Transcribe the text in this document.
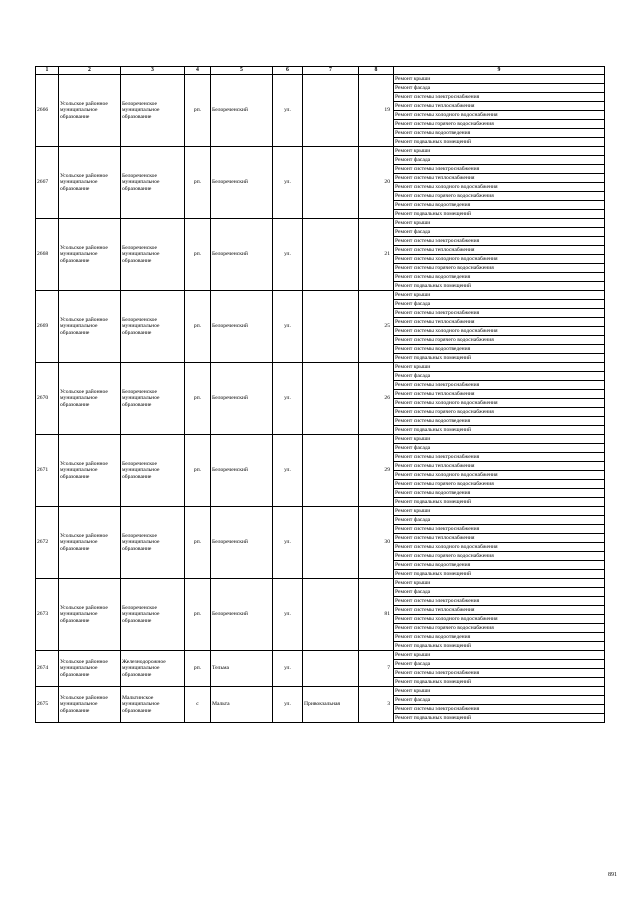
1	2	3	4	5	6	7	8	9
2666	Усольское районное муниципальное образование	Белореченское муниципальное образование	рп.	Белореченский	ул.		19	Ремонт крыши
								Ремонт фасада
								Ремонт системы электроснабжения
								Ремонт системы теплоснабжения
								Ремонт системы холодного водоснабжения
								Ремонт системы горячего водоснабжения
								Ремонт системы водоотведения
								Ремонт подвальных помещений
2667	Усольское районное муниципальное образование	Белореченское муниципальное образование	рп.	Белореченский	ул.		20	Ремонт крыши
								Ремонт фасада
								Ремонт системы электроснабжения
								Ремонт системы теплоснабжения
								Ремонт системы холодного водоснабжения
								Ремонт системы горячего водоснабжения
								Ремонт системы водоотведения
								Ремонт подвальных помещений
2668	Усольское районное муниципальное образование	Белореченское муниципальное образование	рп.	Белореченский	ул.		21	Ремонт крыши
								Ремонт фасада
								Ремонт системы электроснабжения
								Ремонт системы теплоснабжения
								Ремонт системы холодного водоснабжения
								Ремонт системы горячего водоснабжения
								Ремонт системы водоотведения
								Ремонт подвальных помещений
2669	Усольское районное муниципальное образование	Белореченское муниципальное образование	рп.	Белореченский	ул.		25	Ремонт крыши
								Ремонт фасада
								Ремонт системы электроснабжения
								Ремонт системы теплоснабжения
								Ремонт системы холодного водоснабжения
								Ремонт системы горячего водоснабжения
								Ремонт системы водоотведения
								Ремонт подвальных помещений
2670	Усольское районное муниципальное образование	Белореченское муниципальное образование	рп.	Белореченский	ул.		26	Ремонт крыши
								Ремонт фасада
								Ремонт системы электроснабжения
								Ремонт системы теплоснабжения
								Ремонт системы холодного водоснабжения
								Ремонт системы горячего водоснабжения
								Ремонт системы водоотведения
								Ремонт подвальных помещений
2671	Усольское районное муниципальное образование	Белореченское муниципальное образование	рп.	Белореченский	ул.		29	Ремонт крыши
								Ремонт фасада
								Ремонт системы электроснабжения
								Ремонт системы теплоснабжения
								Ремонт системы холодного водоснабжения
								Ремонт системы горячего водоснабжения
								Ремонт системы водоотведения
								Ремонт подвальных помещений
2672	Усольское районное муниципальное образование	Белореченское муниципальное образование	рп.	Белореченский	ул.		30	Ремонт крыши
								Ремонт фасада
								Ремонт системы электроснабжения
								Ремонт системы теплоснабжения
								Ремонт системы холодного водоснабжения
								Ремонт системы горячего водоснабжения
								Ремонт системы водоотведения
								Ремонт подвальных помещений
2673	Усольское районное муниципальное образование	Белореченское муниципальное образование	рп.	Белореченский	ул.		81	Ремонт крыши
								Ремонт фасада
								Ремонт системы электроснабжения
								Ремонт системы теплоснабжения
								Ремонт системы холодного водоснабжения
								Ремонт системы горячего водоснабжения
								Ремонт системы водоотведения
								Ремонт подвальных помещений
2674	Усольское районное муниципальное образование	Железнодорожное муниципальное образование	рп.	Тельма	ул.		7	Ремонт крыши
								Ремонт фасада
								Ремонт системы электроснабжения
								Ремонт подвальных помещений
2675	Усольское районное муниципальное образование	Мальтинское муниципальное образование	с	Мальта	ул.	Привокзальная	3	Ремонт крыши
								Ремонт фасада
								Ремонт системы электроснабжения
								Ремонт подвальных помещений
891
